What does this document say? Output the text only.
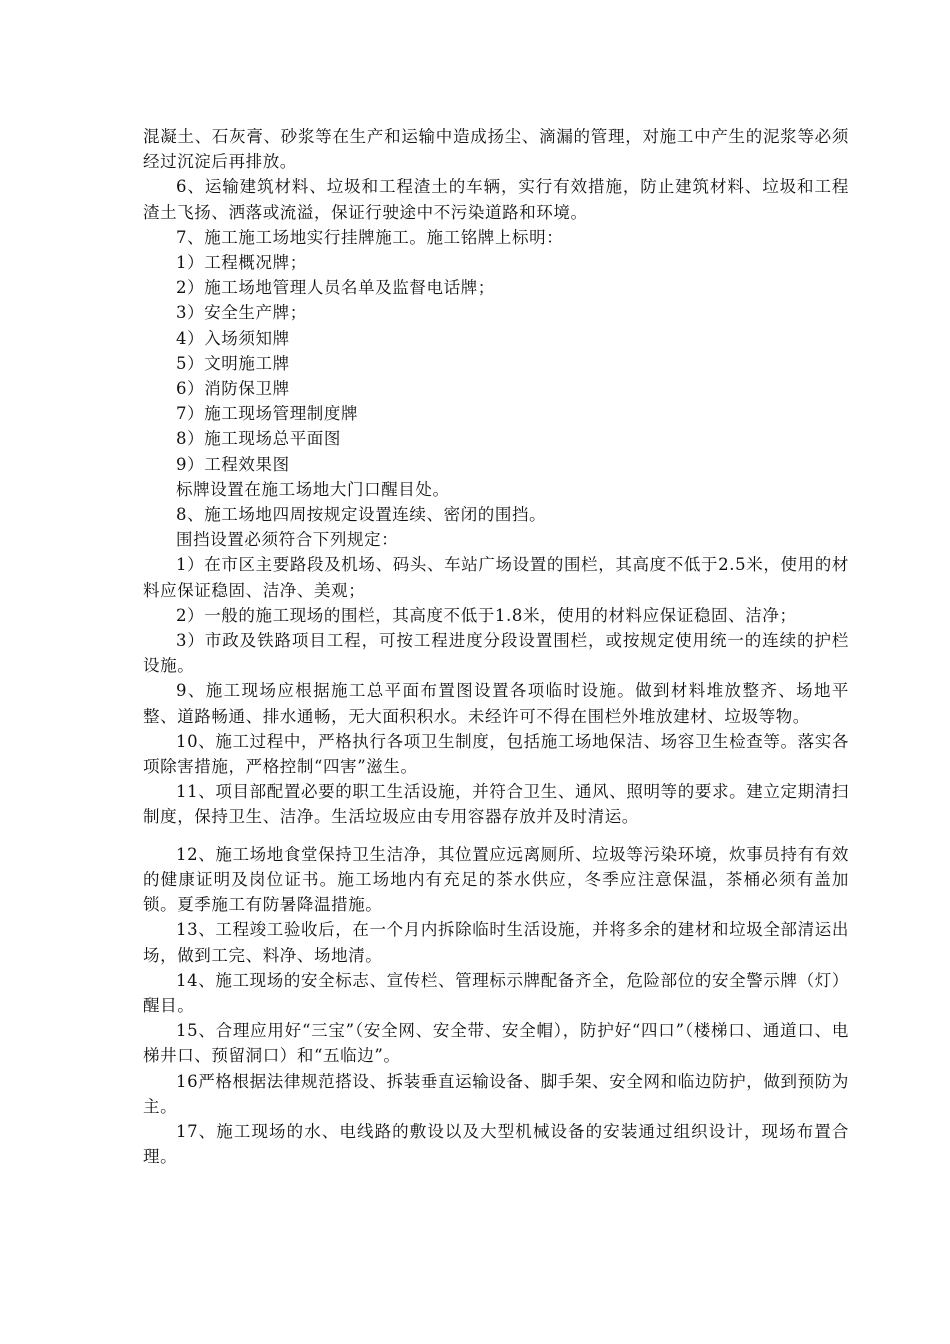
混凝土、石灰膏、砂浆等在生产和运输中造成扬尘、滴漏的管理，对施工中产生的泥浆等必须经过沉淀后再排放。

6、运输建筑材料、垃圾和工程渣土的车辆，实行有效措施，防止建筑材料、垃圾和工程渣土飞扬、洒落或流溢，保证行驶途中不污染道路和环境。

7、施工施工场地实行挂牌施工。施工铭牌上标明：

1）工程概况牌；

2）施工场地管理人员名单及监督电话牌；

3）安全生产牌；

4）入场须知牌

5）文明施工牌

6）消防保卫牌

7）施工现场管理制度牌

8）施工现场总平面图

9）工程效果图

标牌设置在施工场地大门口醒目处。

8、施工场地四周按规定设置连续、密闭的围挡。

围挡设置必须符合下列规定：

1）在市区主要路段及机场、码头、车站广场设置的围栏，其高度不低于2.5米，使用的材料应保证稳固、洁净、美观；

2）一般的施工现场的围栏，其高度不低于1.8米，使用的材料应保证稳固、洁净；

3）市政及铁路项目工程，可按工程进度分段设置围栏，或按规定使用统一的连续的护栏设施。

9、施工现场应根据施工总平面布置图设置各项临时设施。做到材料堆放整齐、场地平整、道路畅通、排水通畅，无大面积积水。未经许可不得在围栏外堆放建材、垃圾等物。

10、施工过程中，严格执行各项卫生制度，包括施工场地保洁、场容卫生检查等。落实各项除害措施，严格控制“四害”滋生。

11、项目部配置必要的职工生活设施，并符合卫生、通风、照明等的要求。建立定期清扫制度，保持卫生、洁净。生活垃圾应由专用容器存放并及时清运。

12、施工场地食堂保持卫生洁净，其位置应远离厕所、垃圾等污染环境，炊事员持有有效的健康证明及岗位证书。施工场地内有充足的茶水供应，冬季应注意保温，茶桶必须有盖加锁。夏季施工有防暑降温措施。

13、工程竣工验收后，在一个月内拆除临时生活设施，并将多余的建材和垃圾全部清运出场，做到工完、料净、场地清。

14、施工现场的安全标志、宣传栏、管理标示牌配备齐全，危险部位的安全警示牌（灯）醒目。

15、合理应用好“三宝”（安全网、安全带、安全帽），防护好“四口”（楼梯口、通道口、电梯井口、预留洞口）和“五临边”。

16严格根据法律规范搭设、拆装垂直运输设备、脚手架、安全网和临边防护，做到预防为主。

17、施工现场的水、电线路的敷设以及大型机械设备的安装通过组织设计，现场布置合理。
